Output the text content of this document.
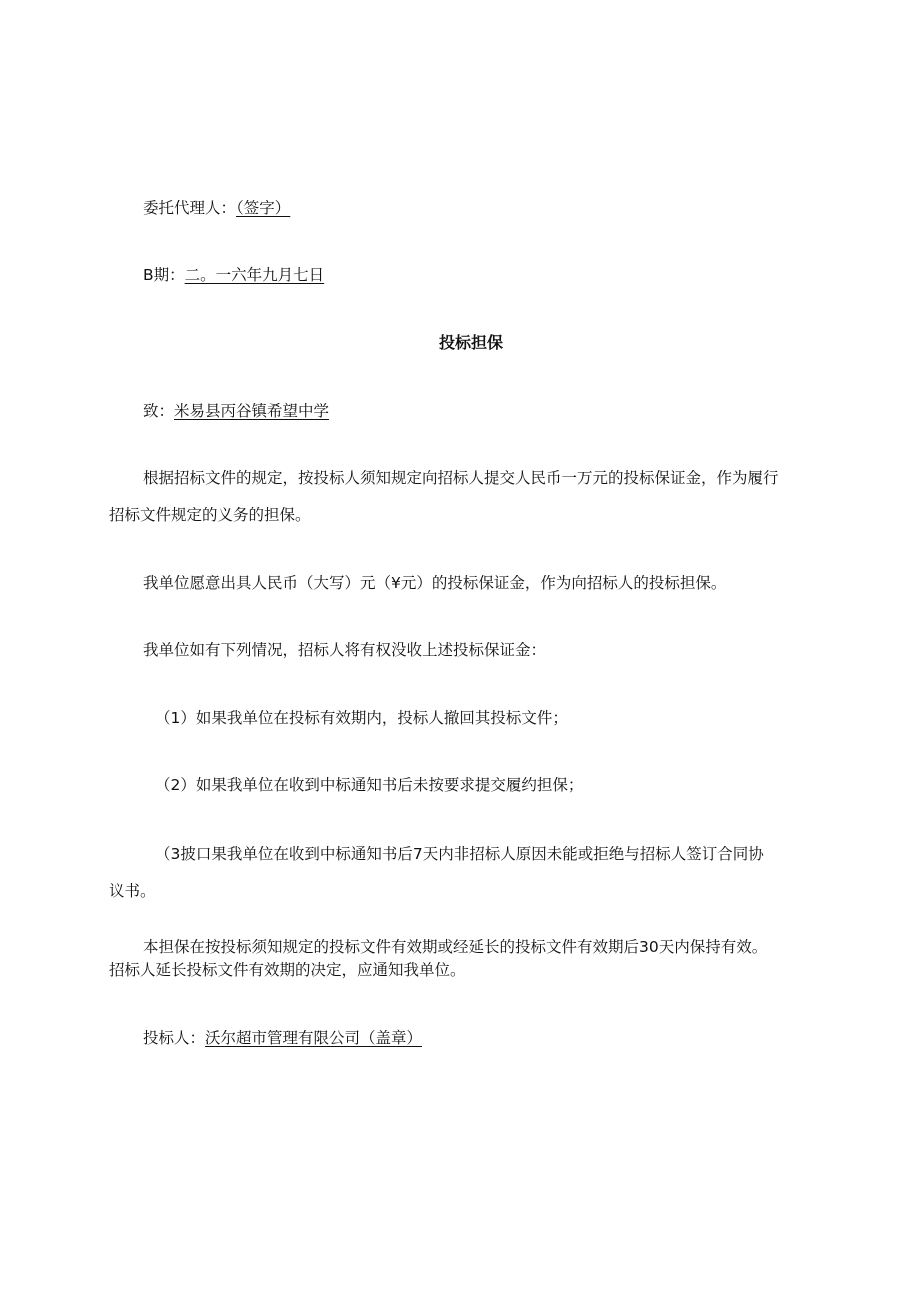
委托代理人：（签字）
B期：二。一六年九月七日
投标担保
致：米易县丙谷镇希望中学
根据招标文件的规定，按投标人须知规定向招标人提交人民币一万元的投标保证金，作为履行
招标文件规定的义务的担保。
我单位愿意出具人民币（大写）元（¥元）的投标保证金，作为向招标人的投标担保。
我单位如有下列情况，招标人将有权没收上述投标保证金：
（1）如果我单位在投标有效期内，投标人撤回其投标文件；
（2）如果我单位在收到中标通知书后未按要求提交履约担保；
（3披口果我单位在收到中标通知书后7天内非招标人原因未能或拒绝与招标人签订合同协
议书。
本担保在按投标须知规定的投标文件有效期或经延长的投标文件有效期后30天内保持有效。
招标人延长投标文件有效期的决定，应通知我单位。
投标人：沃尔超市管理有限公司（盖章）
